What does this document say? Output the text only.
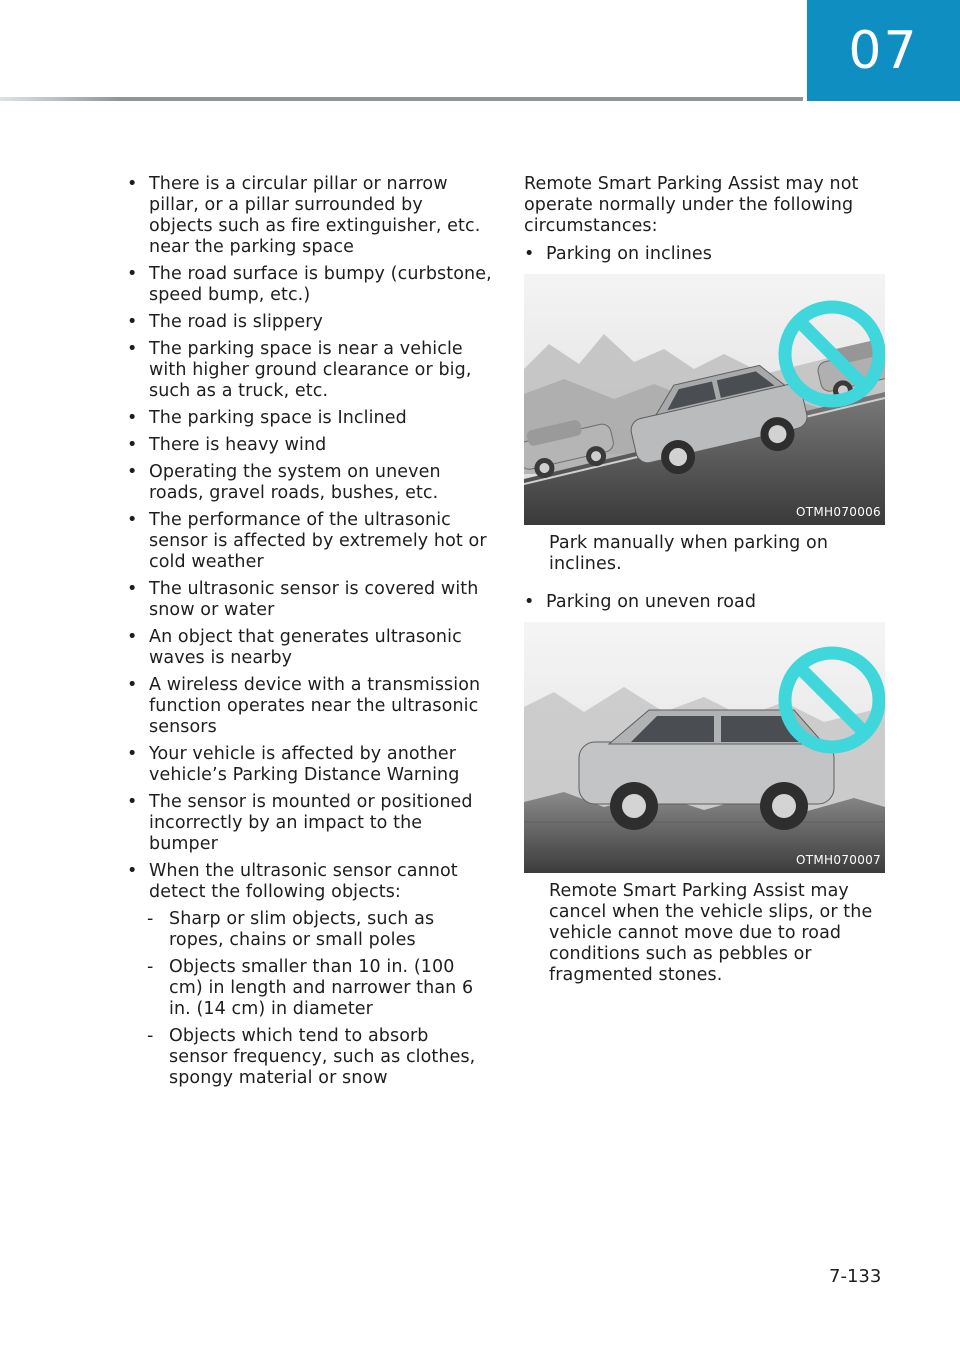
07
• There is a circular pillar or narrow pillar, or a pillar surrounded by objects such as fire extinguisher, etc. near the parking space
• The road surface is bumpy (curbstone, speed bump, etc.)
• The road is slippery
• The parking space is near a vehicle with higher ground clearance or big, such as a truck, etc.
• The parking space is Inclined
• There is heavy wind
• Operating the system on uneven roads, gravel roads, bushes, etc.
• The performance of the ultrasonic sensor is affected by extremely hot or cold weather
• The ultrasonic sensor is covered with snow or water
• An object that generates ultrasonic waves is nearby
• A wireless device with a transmission function operates near the ultrasonic sensors
• Your vehicle is affected by another vehicle’s Parking Distance Warning
• The sensor is mounted or positioned incorrectly by an impact to the bumper
• When the ultrasonic sensor cannot detect the following objects:
- Sharp or slim objects, such as ropes, chains or small poles
- Objects smaller than 10 in. (100 cm) in length and narrower than 6 in. (14 cm) in diameter
- Objects which tend to absorb sensor frequency, such as clothes, spongy material or snow
Remote Smart Parking Assist may not operate normally under the following circumstances:
• Parking on inclines
OTMH070006
Park manually when parking on inclines.
• Parking on uneven road
OTMH070007
Remote Smart Parking Assist may cancel when the vehicle slips, or the vehicle cannot move due to road conditions such as pebbles or fragmented stones.
7-133
